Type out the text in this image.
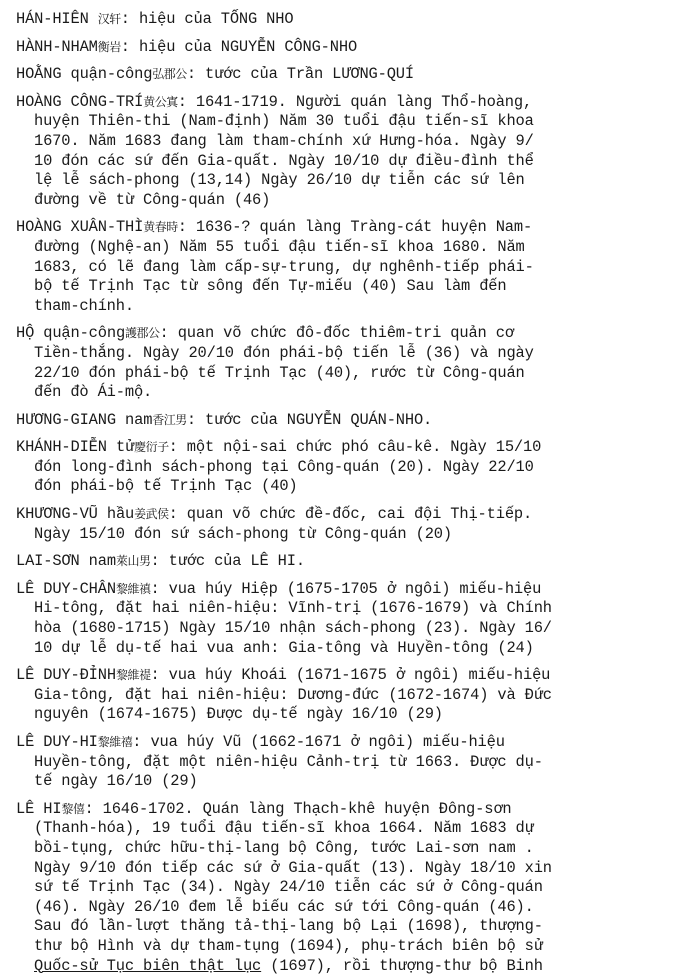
HÁN-HIÊN 汉轩: hiệu của TỐNG NHO
HÀNH-NHAM衡岩: hiệu của NGUYỄN CÔNG-NHO
HOẰNG quận-công弘郡公: tước của Trần LƯƠNG-QUÍ
HOÀNG CÔNG-TRÍ黄公寘: 1641-1719. Người quán làng Thổ-hoàng,
huyện Thiên-thi (Nam-định) Năm 30 tuổi đậu tiến-sĩ khoa
1670. Năm 1683 đang làm tham-chính xứ Hưng-hóa. Ngày 9/
10 đón các sứ đến Gia-quất. Ngày 10/10 dự điều-đình thể
lệ lễ sách-phong (13,14) Ngày 26/10 dự tiễn các sứ lên
đường về từ Công-quán (46)
HOÀNG XUÂN-THÌ黄春時: 1636-? quán làng Tràng-cát huyện Nam-
đường (Nghệ-an) Năm 55 tuổi đậu tiến-sĩ khoa 1680. Năm
1683, có lẽ đang làm cấp-sự-trung, dự nghênh-tiếp phái-
bộ tế Trịnh Tạc từ sông đến Tự-miếu (40) Sau làm đến
tham-chính.
HỘ quận-công護郡公: quan võ chức đô-đốc thiêm-tri quản cơ
Tiền-thắng. Ngày 20/10 đón phái-bộ tiến lễ (36) và ngày
22/10 đón phái-bộ tế Trịnh Tạc (40), rước từ Công-quán
đến đò Ái-mộ.
HƯƠNG-GIANG nam香江男: tước của NGUYỄN QUÁN-NHO.
KHÁNH-DIỄN tử慶衍子: một nội-sai chức phó câu-kê. Ngày 15/10
đón long-đình sách-phong tại Công-quán (20). Ngày 22/10
đón phái-bộ tế Trịnh Tạc (40)
KHƯƠNG-VŨ hầu姜武侯: quan võ chức đề-đốc, cai đội Thị-tiếp.
Ngày 15/10 đón sứ sách-phong từ Công-quán (20)
LAI-SƠN nam萊山男: tước của LÊ HI.
LÊ DUY-CHÂN黎維禛: vua húy Hiệp (1675-1705 ở ngôi) miếu-hiệu
Hi-tông, đặt hai niên-hiệu: Vĩnh-trị (1676-1679) và Chính
hòa (1680-1715) Ngày 15/10 nhận sách-phong (23). Ngày 16/
10 dự lễ dụ-tế hai vua anh: Gia-tông và Huyền-tông (24)
LÊ DUY-ĐỈNH黎維禔: vua húy Khoái (1671-1675 ở ngôi) miếu-hiệu
Gia-tông, đặt hai niên-hiệu: Dương-đức (1672-1674) và Đức
nguyên (1674-1675) Được dụ-tế ngày 16/10 (29)
LÊ DUY-HI黎維禧: vua húy Vũ (1662-1671 ở ngôi) miếu-hiệu
Huyền-tông, đặt một niên-hiệu Cảnh-trị từ 1663. Được dụ-
tế ngày 16/10 (29)
LÊ HI黎僖: 1646-1702. Quán làng Thạch-khê huyện Đông-sơn
(Thanh-hóa), 19 tuổi đậu tiến-sĩ khoa 1664. Năm 1683 dự
bồi-tụng, chức hữu-thị-lang bộ Công, tước Lai-sơn nam .
Ngày 9/10 đón tiếp các sứ ở Gia-quất (13). Ngày 18/10 xin
sứ tế Trịnh Tạc (34). Ngày 24/10 tiễn các sứ ở Công-quán
(46). Ngày 26/10 đem lễ biếu các sứ tới Công-quán (46).
Sau đó lần-lượt thăng tả-thị-lang bộ Lại (1698), thượng-
thư bộ Hình và dự tham-tụng (1694), phụ-trách biên bộ sử
Quốc-sử Tục biên thật lục (1697), rồi thượng-thư bộ Binh
